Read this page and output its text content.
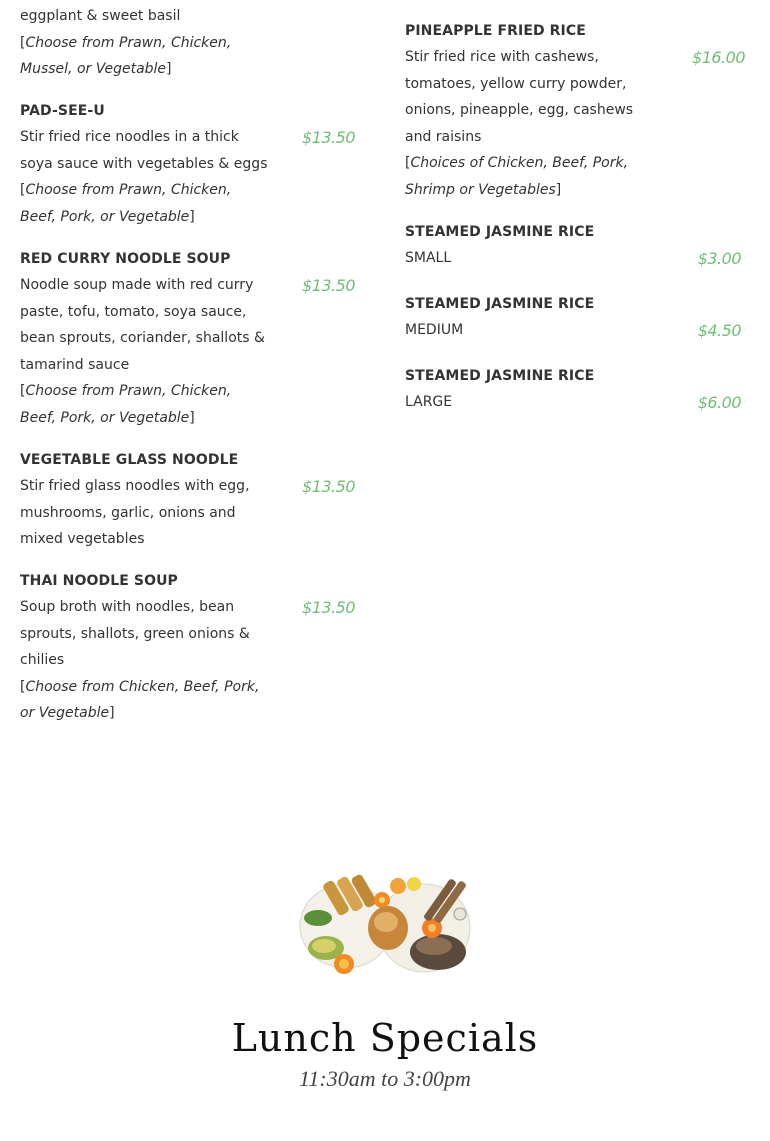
eggplant & sweet basil
[Choose from Prawn, Chicken, Mussel, or Vegetable]
PAD-SEE-U
Stir fried rice noodles in a thick soya sauce with vegetables & eggs
[Choose from Prawn, Chicken, Beef, Pork, or Vegetable]
$13.50
RED CURRY NOODLE SOUP
Noodle soup made with red curry paste, tofu, tomato, soya sauce, bean sprouts, coriander, shallots & tamarind sauce
[Choose from Prawn, Chicken, Beef, Pork, or Vegetable]
$13.50
VEGETABLE GLASS NOODLE
Stir fried glass noodles with egg, mushrooms, garlic, onions and mixed vegetables
$13.50
THAI NOODLE SOUP
Soup broth with noodles, bean sprouts, shallots, green onions & chilies
[Choose from Chicken, Beef, Pork, or Vegetable]
$13.50
PINEAPPLE FRIED RICE
Stir fried rice with cashews, tomatoes, yellow curry powder, onions, pineapple, egg, cashews and raisins
[Choices of Chicken, Beef, Pork, Shrimp or Vegetables]
$16.00
STEAMED JASMINE RICE
SMALL	$3.00
STEAMED JASMINE RICE
MEDIUM	$4.50
STEAMED JASMINE RICE
LARGE	$6.00
Lunch Specials
11:30am to 3:00pm
